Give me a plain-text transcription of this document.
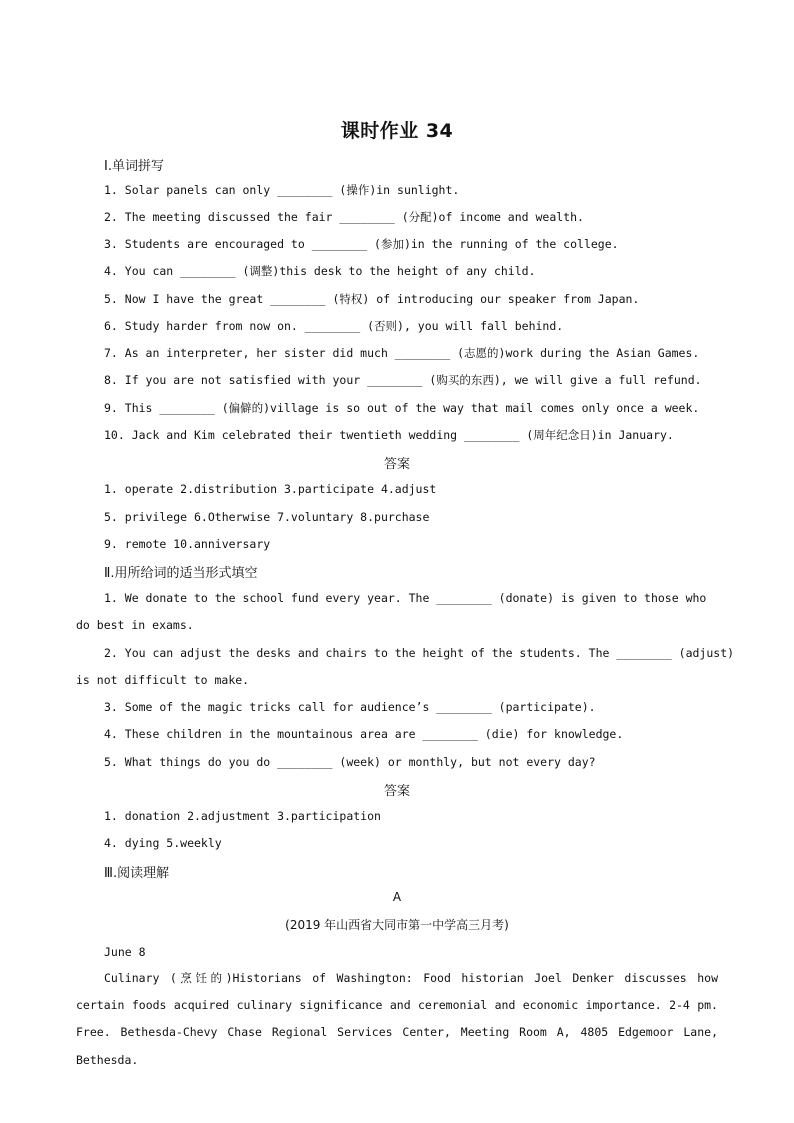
课时作业 34
Ⅰ.单词拼写
1. Solar panels can only ________ (操作)in sunlight.
2. The meeting discussed the fair ________ (分配)of income and wealth.
3. Students are encouraged to ________ (参加)in the running of the college.
4. You can ________ (调整)this desk to the height of any child.
5. Now I have the great ________ (特权) of introducing our speaker from Japan.
6. Study harder from now on. ________ (否则), you will fall behind.
7. As an interpreter, her sister did much ________ (志愿的)work during the Asian Games.
8. If you are not satisfied with your ________ (购买的东西), we will give a full refund.
9. This ________ (偏僻的)village is so out of the way that mail comes only once a week.
10. Jack and Kim celebrated their twentieth wedding ________ (周年纪念日)in January.
答案
1. operate 2.distribution 3.participate 4.adjust
5. privilege 6.Otherwise 7.voluntary 8.purchase
9. remote 10.anniversary
Ⅱ.用所给词的适当形式填空
1. We donate to the school fund every year. The ________ (donate) is given to those who
do best in exams.
2. You can adjust the desks and chairs to the height of the students. The ________ (adjust)
is not difficult to make.
3. Some of the magic tricks call for audience’s ________ (participate).
4. These children in the mountainous area are ________ (die) for knowledge.
5. What things do you do ________ (week) or monthly, but not every day?
答案
1. donation 2.adjustment 3.participation
4. dying 5.weekly
Ⅲ.阅读理解
A
(2019 年山西省大同市第一中学高三月考)
June 8
Culinary (烹饪的)Historians of Washington: Food historian Joel Denker discusses how certain foods acquired culinary significance and ceremonial and economic importance. 2-4 pm. Free. Bethesda-Chevy Chase Regional Services Center, Meeting Room A, 4805 Edgemoor Lane, Bethesda.
